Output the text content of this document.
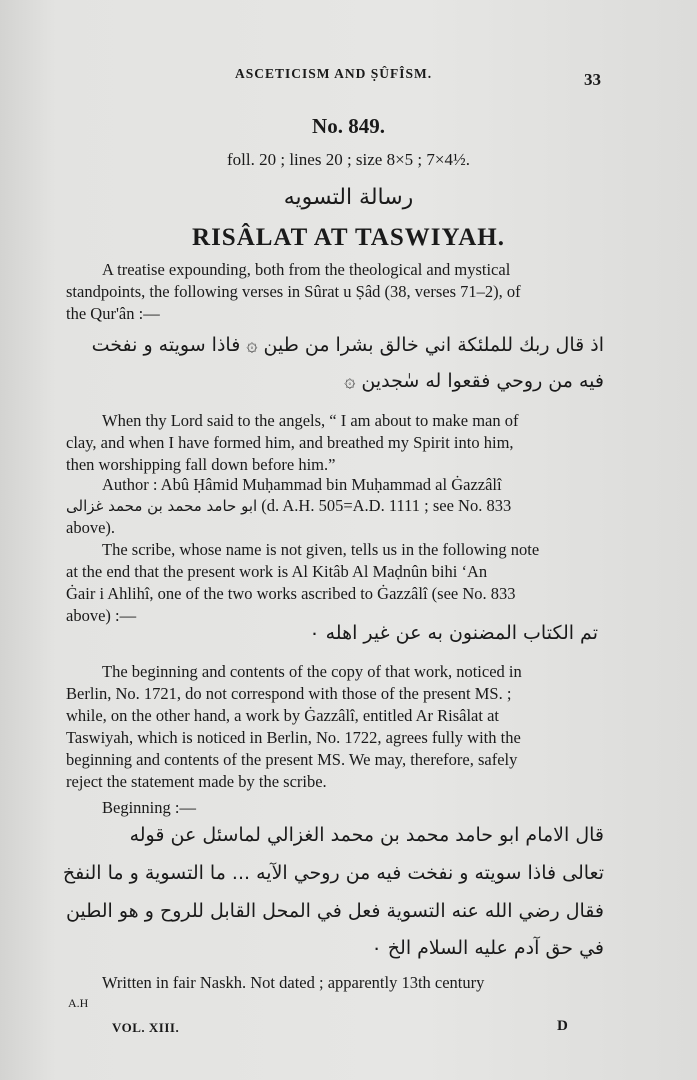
ASCETICISM AND ṢÛFÎSM.	33
No. 849.
foll. 20 ; lines 20 ; size 8×5 ; 7×4½.
رسالة التسويه
RISÂLAT AT TASWIYAH.
A treatise expounding, both from the theological and mystical
standpoints, the following verses in Sûrat u Ṣâd (38, verses 71–2), of
the Qur'ân :—
اذ قال ربك للملئكة اني خالق بشرا من طين ۞ فاذا سويته و نفخت
فيه من روحي فقعوا له سٰجدين ۞
When thy Lord said to the angels, “ I am about to make man of
clay, and when I have formed him, and breathed my Spirit into him,
then worshipping fall down before him.”
Author : Abû Ḥâmid Muḥammad bin Muḥammad al Ġazzâlî
ابو حامد محمد بن محمد غزالی (d. A.H. 505=A.D. 1111 ; see No. 833
above).
The scribe, whose name is not given, tells us in the following note
at the end that the present work is Al Kitâb Al Maḍnûn bihi ‘An
Ġair i Ahlihî, one of the two works ascribed to Ġazzâlî (see No. 833
above) :—
تم الكتاب المضنون به عن غير اهله ۰
The beginning and contents of the copy of that work, noticed in
Berlin, No. 1721, do not correspond with those of the present MS. ;
while, on the other hand, a work by Ġazzâlî, entitled Ar Risâlat at
Taswiyah, which is noticed in Berlin, No. 1722, agrees fully with the
beginning and contents of the present MS. We may, therefore, safely
reject the statement made by the scribe.
Beginning :—
قال الامام ابو حامد محمد بن محمد الغزالي لماسئل عن قوله
تعالى فاذا سويته و نفخت فيه من روحي الآيه ... ما التسوية و ما النفخ
فقال رضي الله عنه التسوية فعل في المحل القابل للروح و هو الطين
في حق آدم عليه السلام الخ ۰
Written in fair Naskh. Not dated ; apparently 13th century
A.H
VOL. XIII.	D
